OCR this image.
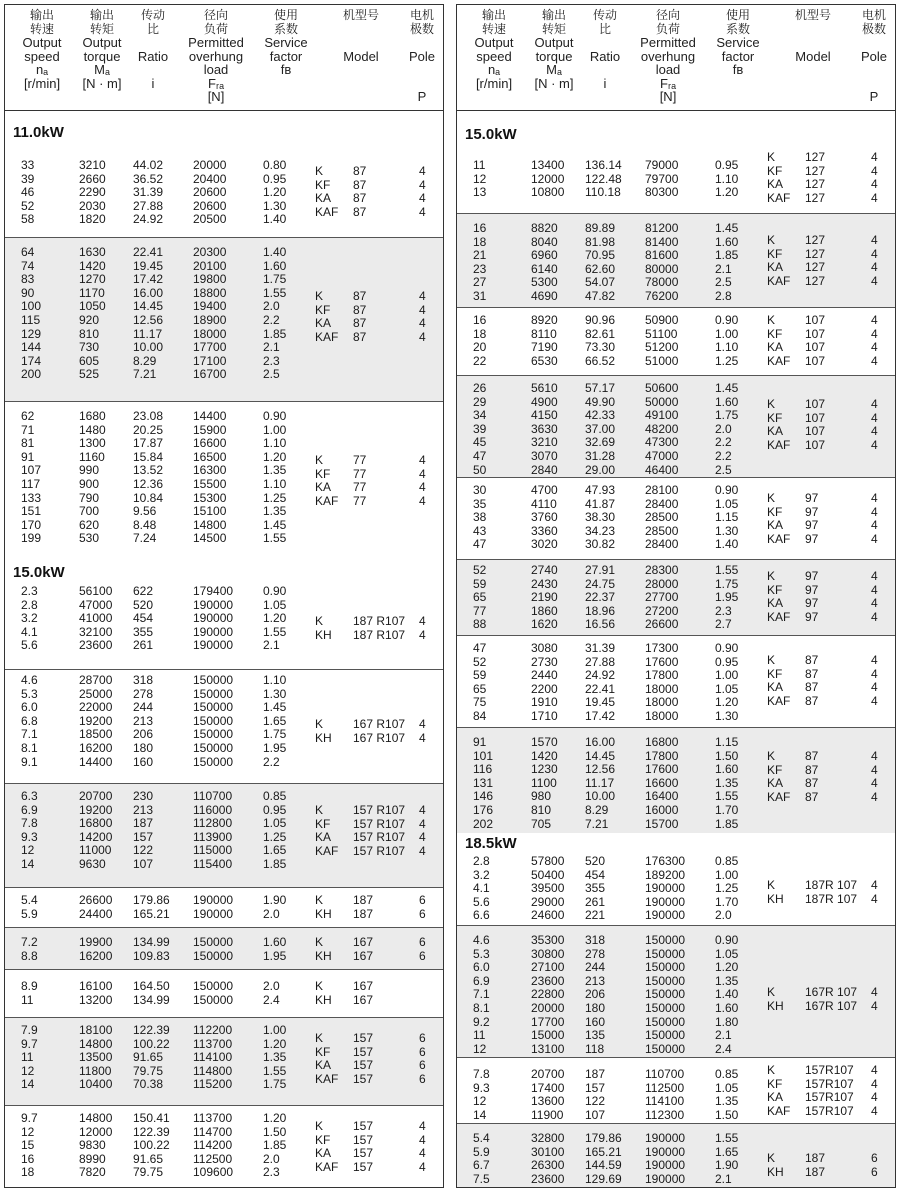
输出
转速
Output
speed
nₐ
[r/min]
输出
转矩
Output
torque
Mₐ
[N · m]
传动
比

Ratio

i
径向
负荷
Permitted
overhung
load
Fᵣₐ
[N]
使用
系数
Service
factor
fʙ
机型号

Model
电机
极数

Pole

P
11.0kW
15.0kW
33
39
46
52
58
3210
2660
2290
2030
1820
44.02
36.52
31.39
27.88
24.92
20000
20400
20600
20600
20500
0.80
0.95
1.20
1.30
1.40
K
KF
KA
KAF
87
87
87
87
4
4
4
4
64
74
83
90
100
115
129
144
174
200
1630
1420
1270
1170
1050
920
810
730
605
525
22.41
19.45
17.42
16.00
14.45
12.56
11.17
10.00
8.29
7.21
20300
20100
19800
18800
19400
18900
18000
17700
17100
16700
1.40
1.60
1.75
1.55
2.0
2.2
1.85
2.1
2.3
2.5
K
KF
KA
KAF
87
87
87
87
4
4
4
4
62
71
81
91
107
117
133
151
170
199
1680
1480
1300
1160
990
900
790
700
620
530
23.08
20.25
17.87
15.84
13.52
12.36
10.84
9.56
8.48
7.24
14400
15900
16600
16500
16300
15500
15300
15100
14800
14500
0.90
1.00
1.10
1.20
1.35
1.10
1.25
1.35
1.45
1.55
K
KF
KA
KAF
77
77
77
77
4
4
4
4
2.3
2.8
3.2
4.1
5.6
56100
47000
41000
32100
23600
622
520
454
355
261
179400
190000
190000
190000
190000
0.90
1.05
1.20
1.55
2.1
K
KH
187 R107
187 R107
4
4
4.6
5.3
6.0
6.8
7.1
8.1
9.1
28700
25000
22000
19200
18500
16200
14400
318
278
244
213
206
180
160
150000
150000
150000
150000
150000
150000
150000
1.10
1.30
1.45
1.65
1.75
1.95
2.2
K
KH
167 R107
167 R107
4
4
6.3
6.9
7.8
9.3
12
14
20700
19200
16800
14200
11000
9630
230
213
187
157
122
107
110700
116000
112800
113900
115000
115400
0.85
0.95
1.05
1.25
1.65
1.85
K
KF
KA
KAF
157 R107
157 R107
157 R107
157 R107
4
4
4
4
5.4
5.9
26600
24400
179.86
165.21
190000
190000
1.90
2.0
K
KH
187
187
6
6
7.2
8.8
19900
16200
134.99
109.83
150000
150000
1.60
1.95
K
KH
167
167
6
6
8.9
11
16100
13200
164.50
134.99
150000
150000
2.0
2.4
K
KH
167
167

7.9
9.7
11
12
14
18100
14800
13500
11800
10400
122.39
100.22
91.65
79.75
70.38
112200
113700
114100
114800
115200
1.00
1.20
1.35
1.55
1.75
K
KF
KA
KAF
157
157
157
157
6
6
6
6
9.7
12
15
16
18
14800
12000
9830
8990
7820
150.41
122.39
100.22
91.65
79.75
113700
114700
114200
112500
109600
1.20
1.50
1.85
2.0
2.3
K
KF
KA
KAF
157
157
157
157
4
4
4
4
输出
转速
Output
speed
nₐ
[r/min]
输出
转矩
Output
torque
Mₐ
[N · m]
传动
比

Ratio

i
径向
负荷
Permitted
overhung
load
Fᵣₐ
[N]
使用
系数
Service
factor
fʙ
机型号

Model
电机
极数

Pole

P
15.0kW
18.5kW
11
12
13
13400
12000
10800
136.14
122.48
110.18
79000
79700
80300
0.95
1.10
1.20
K
KF
KA
KAF
127
127
127
127
4
4
4
4
16
18
21
23
27
31
8820
8040
6960
6140
5300
4690
89.89
81.98
70.95
62.60
54.07
47.82
81200
81400
81600
80000
78000
76200
1.45
1.60
1.85
2.1
2.5
2.8
K
KF
KA
KAF
127
127
127
127
4
4
4
4
16
18
20
22
8920
8110
7190
6530
90.96
82.61
73.30
66.52
50900
51100
51200
51000
0.90
1.00
1.10
1.25
K
KF
KA
KAF
107
107
107
107
4
4
4
4
26
29
34
39
45
47
50
5610
4900
4150
3630
3210
3070
2840
57.17
49.90
42.33
37.00
32.69
31.28
29.00
50600
50000
49100
48200
47300
47000
46400
1.45
1.60
1.75
2.0
2.2
2.2
2.5
K
KF
KA
KAF
107
107
107
107
4
4
4
4
30
35
38
43
47
4700
4110
3760
3360
3020
47.93
41.87
38.30
34.23
30.82
28100
28400
28500
28500
28400
0.90
1.05
1.15
1.30
1.40
K
KF
KA
KAF
97
97
97
97
4
4
4
4
52
59
65
77
88
2740
2430
2190
1860
1620
27.91
24.75
22.37
18.96
16.56
28300
28000
27700
27200
26600
1.55
1.75
1.95
2.3
2.7
K
KF
KA
KAF
97
97
97
97
4
4
4
4
47
52
59
65
75
84
3080
2730
2440
2200
1910
1710
31.39
27.88
24.92
22.41
19.45
17.42
17300
17600
17800
18000
18000
18000
0.90
0.95
1.00
1.05
1.20
1.30
K
KF
KA
KAF
87
87
87
87
4
4
4
4
91
101
116
131
146
176
202
1570
1420
1230
1100
980
810
705
16.00
14.45
12.56
11.17
10.00
8.29
7.21
16800
17800
17600
16600
16400
16000
15700
1.15
1.50
1.60
1.35
1.55
1.70
1.85
K
KF
KA
KAF
87
87
87
87
4
4
4
4
2.8
3.2
4.1
5.6
6.6
57800
50400
39500
29000
24600
520
454
355
261
221
176300
189200
190000
190000
190000
0.85
1.00
1.25
1.70
2.0
K
KH
187R 107
187R 107
4
4
4.6
5.3
6.0
6.9
7.1
8.1
9.2
11
12
35300
30800
27100
23600
22800
20000
17700
15000
13100
318
278
244
213
206
180
160
135
118
150000
150000
150000
150000
150000
150000
150000
150000
150000
0.90
1.05
1.20
1.35
1.40
1.60
1.80
2.1
2.4
K
KH
167R 107
167R 107
4
4
7.8
9.3
12
14
20700
17400
13600
11900
187
157
122
107
110700
112500
114100
112300
0.85
1.05
1.35
1.50
K
KF
KA
KAF
157R107
157R107
157R107
157R107
4
4
4
4
5.4
5.9
6.7
7.5
32800
30100
26300
23600
179.86
165.21
144.59
129.69
190000
190000
190000
190000
1.55
1.65
1.90
2.1
K
KH
187
187
6
6
